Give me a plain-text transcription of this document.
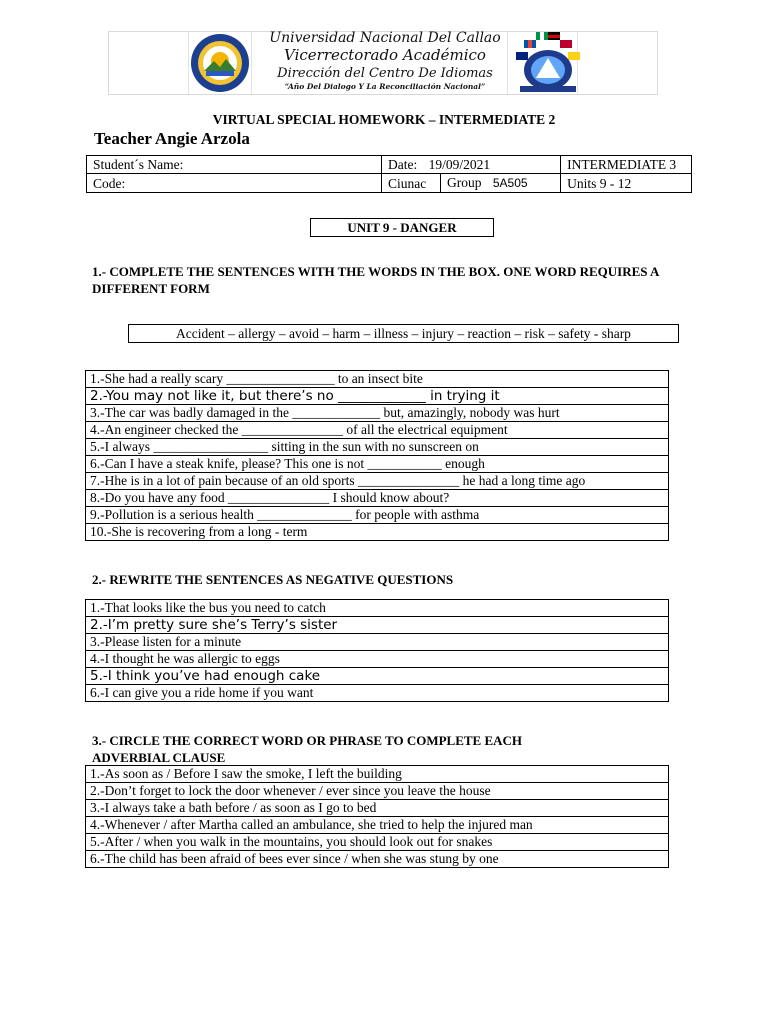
Universidad Nacional Del Callao
Vicerrectorado Académico
Dirección del Centro De Idiomas
“Año Del Dialogo Y La Reconciliación Nacional”
VIRTUAL SPECIAL HOMEWORK – INTERMEDIATE 2
Teacher Angie Arzola
Student´s Name:	Date: 19/09/2021		INTERMEDIATE 3
Code:	Ciunac	Group 5A505	Units 9 - 12
UNIT 9 - DANGER
1.- COMPLETE THE SENTENCES WITH THE WORDS IN THE BOX. ONE WORD REQUIRES A DIFFERENT FORM
Accident – allergy – avoid – harm – illness – injury – reaction – risk – safety - sharp
1.-She had a really scary ________________ to an insect bite
2.-You may not like it, but there’s no _____________ in trying it
3.-The car was badly damaged in the _____________ but, amazingly, nobody was hurt
4.-An engineer checked the _______________ of all the electrical equipment
5.-I always _________________ sitting in the sun with no sunscreen on
6.-Can I have a steak knife, please? This one is not ___________ enough
7.-Hhe is in a lot of pain because of an old sports _______________ he had a long time ago
8.-Do you have any food _______________ I should know about?
9.-Pollution is a serious health ______________ for people with asthma
10.-She is recovering from a long - term
2.- REWRITE THE SENTENCES AS NEGATIVE QUESTIONS
1.-That looks like the bus you need to catch
2.-I’m pretty sure she’s Terry’s sister
3.-Please listen for a minute
4.-I thought he was allergic to eggs
5.-I think you’ve had enough cake
6.-I can give you a ride home if you want
3.- CIRCLE THE CORRECT WORD OR PHRASE TO COMPLETE EACH
ADVERBIAL CLAUSE
1.-As soon as / Before I saw the smoke, I left the building
2.-Don’t forget to lock the door whenever / ever since you leave the house
3.-I always take a bath before / as soon as I go to bed
4.-Whenever / after Martha called an ambulance, she tried to help the injured man
5.-After / when you walk in the mountains, you should look out for snakes
6.-The child has been afraid of bees ever since / when she was stung by one
